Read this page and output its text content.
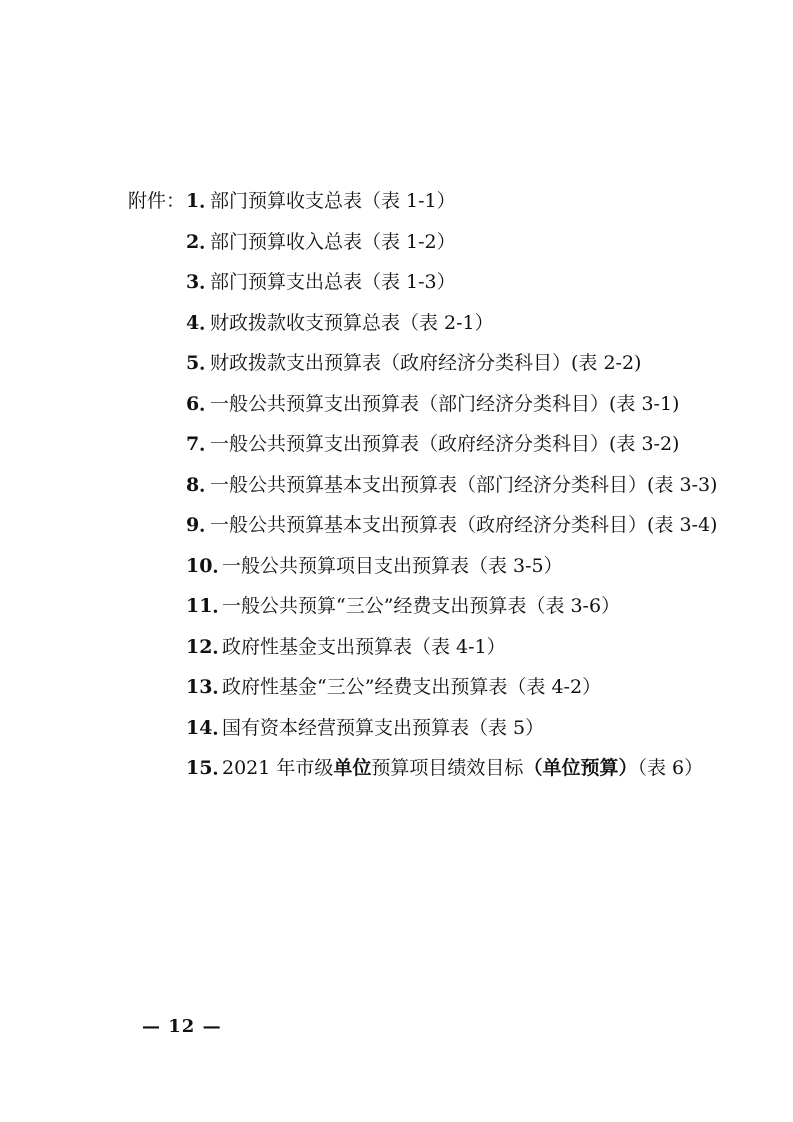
附件： 1．
部门预算收支总表（表 1-1）
2．
部门预算收入总表（表 1-2）
3．
部门预算支出总表（表 1-3）
4．
财政拨款收支预算总表（表 2-1）
5．
财政拨款支出预算表（政府经济分类科目）(表 2-2)
6．
一般公共预算支出预算表（部门经济分类科目）(表 3-1)
7．
一般公共预算支出预算表（政府经济分类科目）(表 3-2)
8．
一般公共预算基本支出预算表（部门经济分类科目）(表 3-3)
9．
一般公共预算基本支出预算表（政府经济分类科目）(表 3-4)
10．
一般公共预算项目支出预算表（表 3-5）
11．
一般公共预算“三公”经费支出预算表（表 3-6）
12．
政府性基金支出预算表（表 4-1）
13．
政府性基金“三公”经费支出预算表（表 4-2）
14．
国有资本经营预算支出预算表（表 5）
15．
2021 年市级单位预算项目绩效目标（单位预算）（表 6）
— 12 —
